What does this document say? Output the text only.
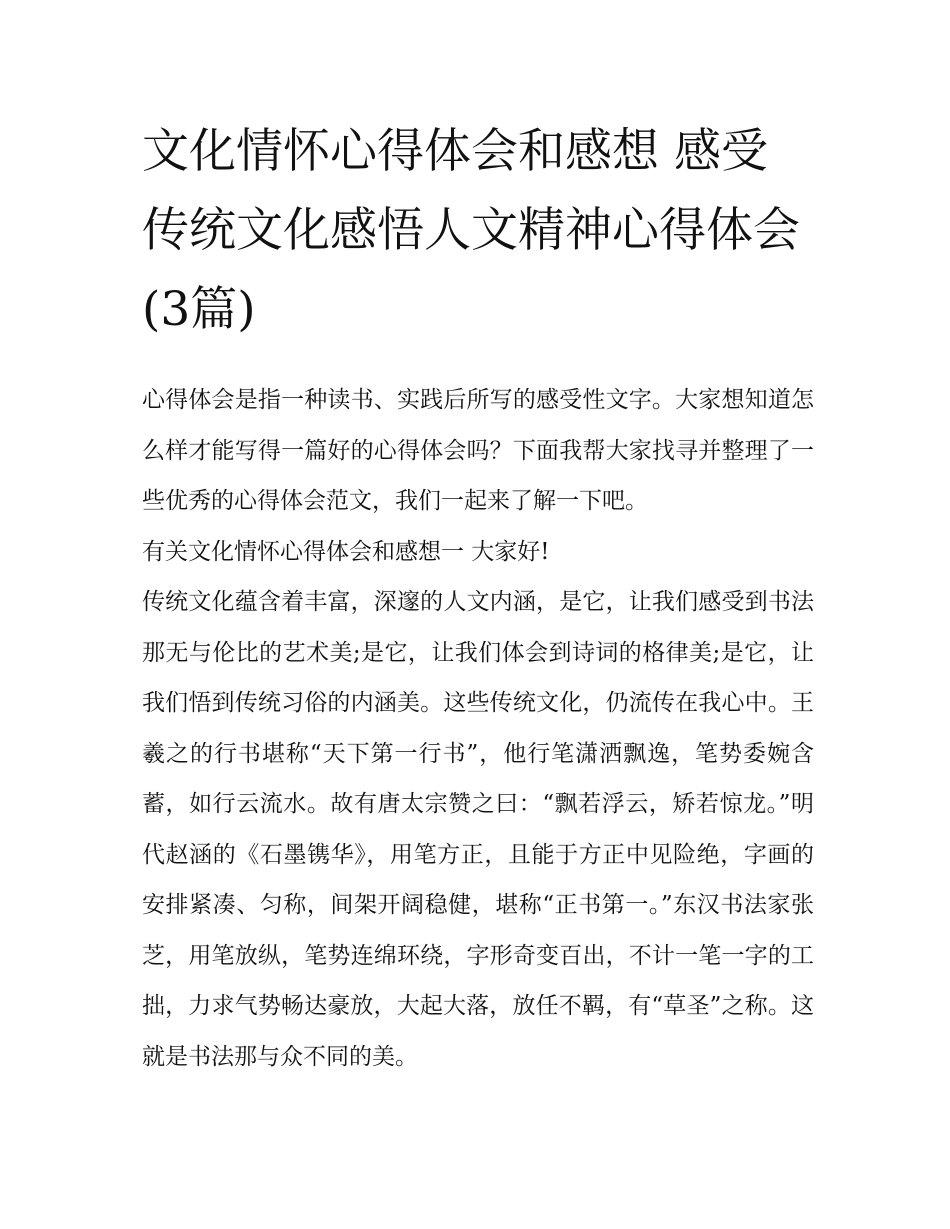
文化情怀心得体会和感想 感受传统文化感悟人文精神心得体会(3篇)

心得体会是指一种读书、实践后所写的感受性文字。大家想知道怎么样才能写得一篇好的心得体会吗？下面我帮大家找寻并整理了一些优秀的心得体会范文，我们一起来了解一下吧。

有关文化情怀心得体会和感想一 大家好!

传统文化蕴含着丰富，深邃的人文内涵，是它，让我们感受到书法那无与伦比的艺术美;是它，让我们体会到诗词的格律美;是它，让我们悟到传统习俗的内涵美。这些传统文化，仍流传在我心中。王羲之的行书堪称“天下第一行书”，他行笔潇洒飘逸，笔势委婉含蓄，如行云流水。故有唐太宗赞之曰：“飘若浮云，矫若惊龙。”明代赵涵的《石墨镌华》，用笔方正，且能于方正中见险绝，字画的安排紧凑、匀称，间架开阔稳健，堪称“正书第一。”东汉书法家张芝，用笔放纵，笔势连绵环绕，字形奇变百出，不计一笔一字的工拙，力求气势畅达豪放，大起大落，放任不羁，有“草圣”之称。这就是书法那与众不同的美。
